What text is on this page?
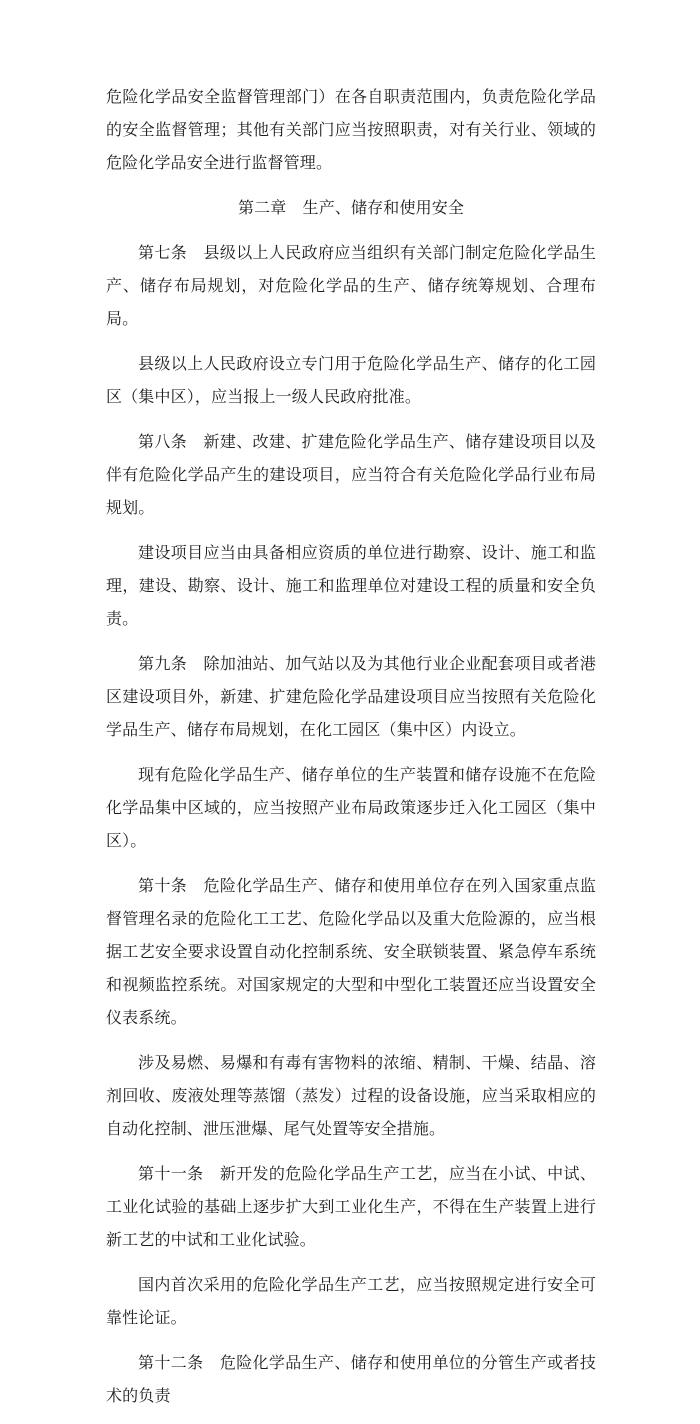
危险化学品安全监督管理部门）在各自职责范围内，负责危险化学品的安全监督管理；其他有关部门应当按照职责，对有关行业、领域的危险化学品安全进行监督管理。

第二章　生产、储存和使用安全

第七条　县级以上人民政府应当组织有关部门制定危险化学品生产、储存布局规划，对危险化学品的生产、储存统筹规划、合理布局。

县级以上人民政府设立专门用于危险化学品生产、储存的化工园区（集中区），应当报上一级人民政府批准。

第八条　新建、改建、扩建危险化学品生产、储存建设项目以及伴有危险化学品产生的建设项目，应当符合有关危险化学品行业布局规划。

建设项目应当由具备相应资质的单位进行勘察、设计、施工和监理，建设、勘察、设计、施工和监理单位对建设工程的质量和安全负责。

第九条　除加油站、加气站以及为其他行业企业配套项目或者港区建设项目外，新建、扩建危险化学品建设项目应当按照有关危险化学品生产、储存布局规划，在化工园区（集中区）内设立。

现有危险化学品生产、储存单位的生产装置和储存设施不在危险化学品集中区域的，应当按照产业布局政策逐步迁入化工园区（集中区）。

第十条　危险化学品生产、储存和使用单位存在列入国家重点监督管理名录的危险化工工艺、危险化学品以及重大危险源的，应当根据工艺安全要求设置自动化控制系统、安全联锁装置、紧急停车系统和视频监控系统。对国家规定的大型和中型化工装置还应当设置安全仪表系统。

涉及易燃、易爆和有毒有害物料的浓缩、精制、干燥、结晶、溶剂回收、废液处理等蒸馏（蒸发）过程的设备设施，应当采取相应的自动化控制、泄压泄爆、尾气处置等安全措施。

第十一条　新开发的危险化学品生产工艺，应当在小试、中试、工业化试验的基础上逐步扩大到工业化生产，不得在生产装置上进行新工艺的中试和工业化试验。

国内首次采用的危险化学品生产工艺，应当按照规定进行安全可靠性论证。

第十二条　危险化学品生产、储存和使用单位的分管生产或者技术的负责
